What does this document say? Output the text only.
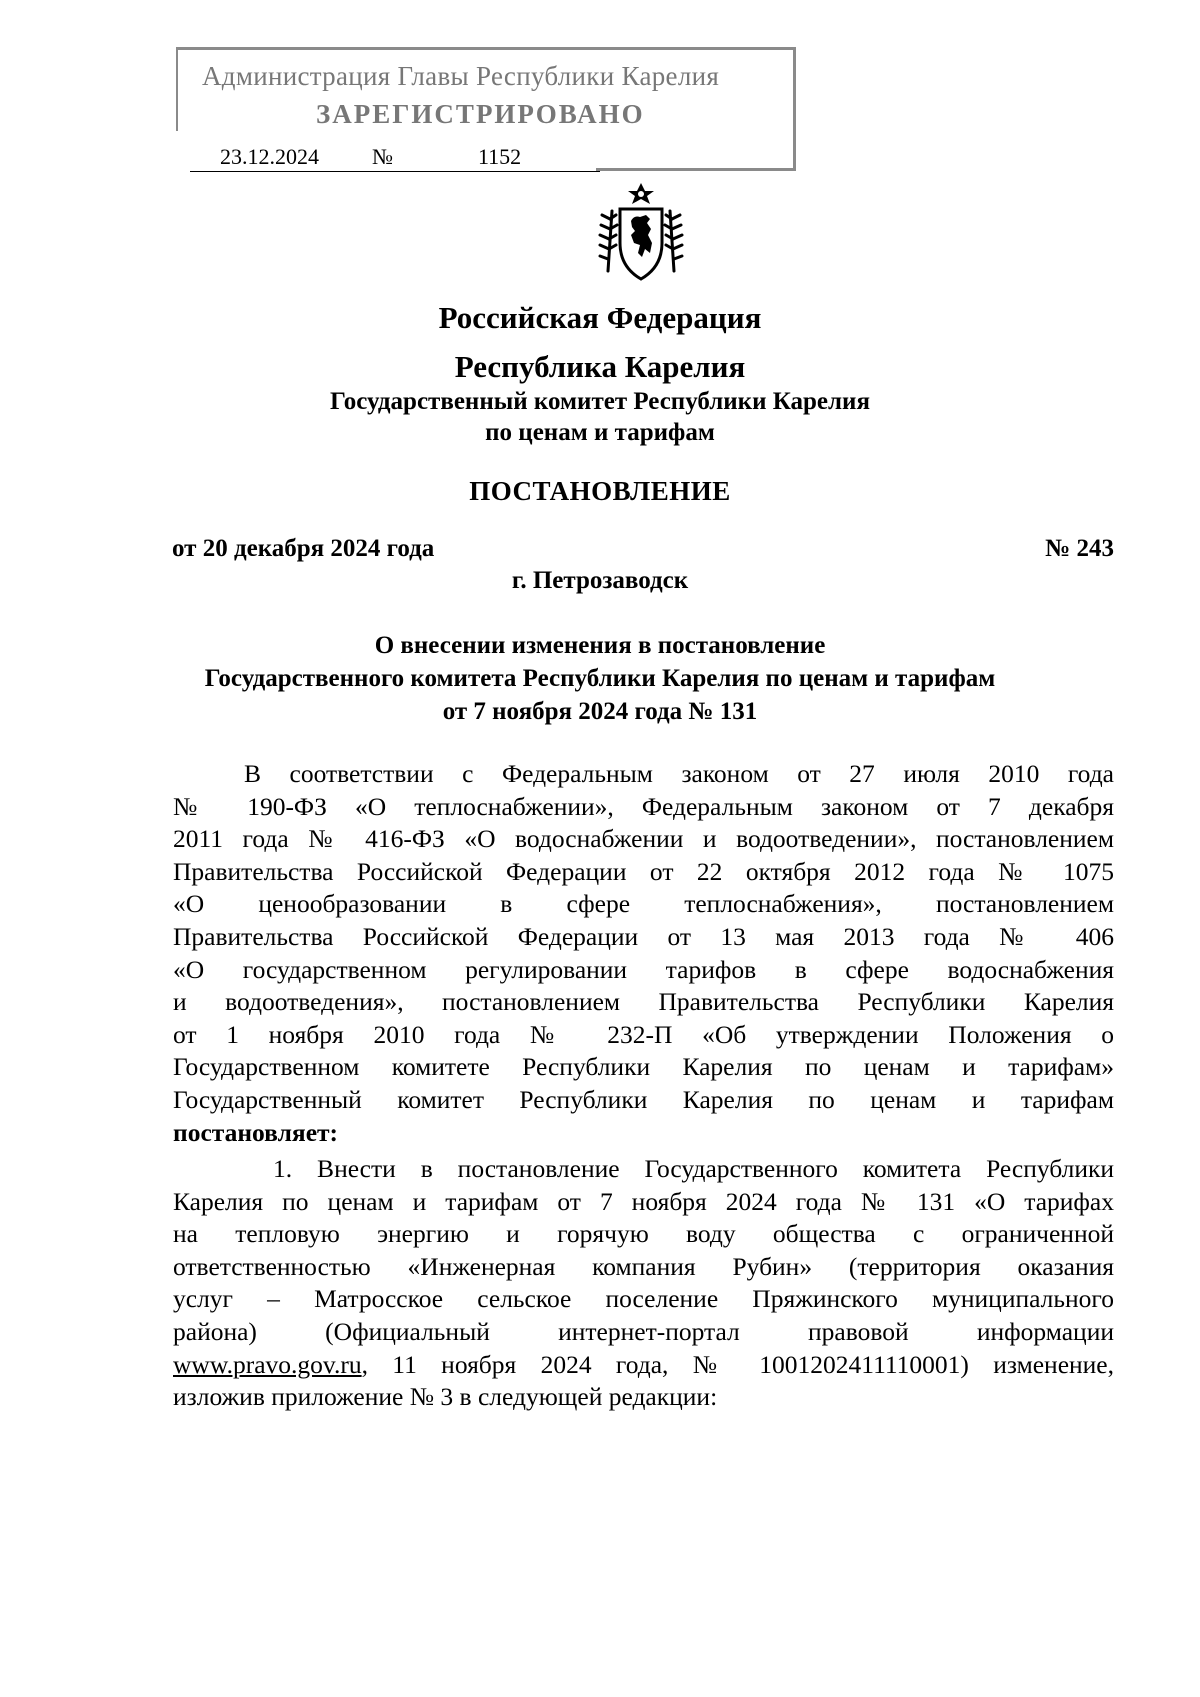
Администрация Главы Республики Карелия
ЗАРЕГИСТРИРОВАНО
23.12.2024 №	1152
Российская Федерация
Республика Карелия
Государственный комитет Республики Карелия
по ценам и тарифам
ПОСТАНОВЛЕНИЕ
от 20 декабря 2024 года	№ 243
г. Петрозаводск
О внесении изменения в постановление
Государственного комитета Республики Карелия по ценам и тарифам
от 7 ноября 2024 года № 131
В соответствии с Федеральным законом от 27 июля 2010 года
№ 190-ФЗ «О теплоснабжении», Федеральным законом от 7 декабря
2011 года № 416-ФЗ «О водоснабжении и водоотведении», постановлением
Правительства Российской Федерации от 22 октября 2012 года № 1075
«О ценообразовании в сфере теплоснабжения», постановлением
Правительства Российской Федерации от 13 мая 2013 года № 406
«О государственном регулировании тарифов в сфере водоснабжения
и водоотведения», постановлением Правительства Республики Карелия
от 1 ноября 2010 года № 232-П «Об утверждении Положения о
Государственном комитете Республики Карелия по ценам и тарифам»
Государственный комитет Республики Карелия по ценам и тарифам
постановляет:
1. Внести в постановление Государственного комитета Республики
Карелия по ценам и тарифам от 7 ноября 2024 года № 131 «О тарифах
на тепловую энергию и горячую воду общества с ограниченной
ответственностью «Инженерная компания Рубин» (территория оказания
услуг – Матросское сельское поселение Пряжинского муниципального
района) (Официальный интернет-портал правовой информации
www.pravo.gov.ru, 11 ноября 2024 года, № 1001202411110001) изменение,
изложив приложение № 3 в следующей редакции:
